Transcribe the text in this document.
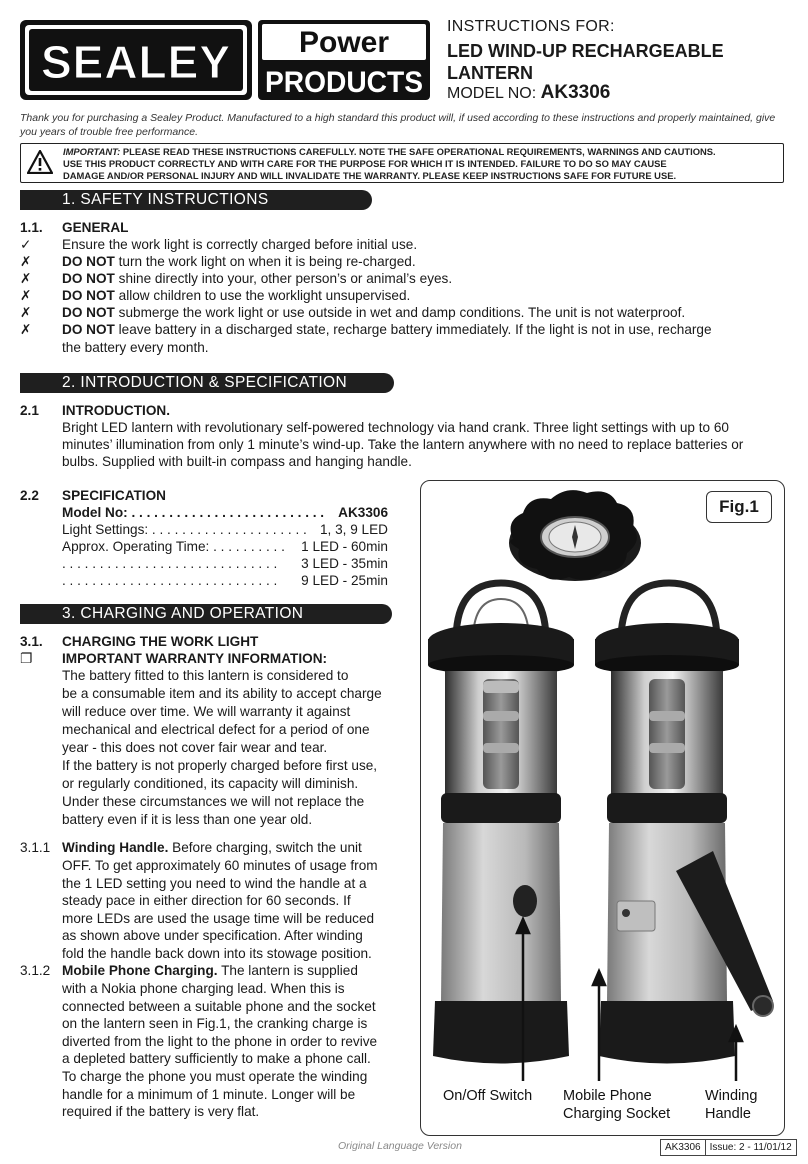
SEALEY Power
PRODUCTS
INSTRUCTIONS FOR:
LED WIND-UP RECHARGEABLE
LANTERN
MODEL NO: AK3306
Thank you for purchasing a Sealey Product. Manufactured to a high standard this product will, if used according to these instructions and properly maintained, give you years of trouble free performance.
IMPORTANT: PLEASE READ THESE INSTRUCTIONS CAREFULLY. NOTE THE SAFE OPERATIONAL REQUIREMENTS, WARNINGS AND CAUTIONS.
USE THIS PRODUCT CORRECTLY AND WITH CARE FOR THE PURPOSE FOR WHICH IT IS INTENDED. FAILURE TO DO SO MAY CAUSE
DAMAGE AND/OR PERSONAL INJURY AND WILL INVALIDATE THE WARRANTY. PLEASE KEEP INSTRUCTIONS SAFE FOR FUTURE USE.
1. SAFETY INSTRUCTIONS
1.1. GENERAL
✓ Ensure the work light is correctly charged before initial use.
✗ DO NOT turn the work light on when it is being re-charged.
✗ DO NOT shine directly into your, other person’s or animal’s eyes.
✗ DO NOT allow children to use the worklight unsupervised.
✗ DO NOT submerge the work light or use outside in wet and damp conditions. The unit is not waterproof.
✗ DO NOT leave battery in a discharged state, recharge battery immediately. If the light is not in use, recharge
the battery every month.
2. INTRODUCTION & SPECIFICATION
2.1 INTRODUCTION.
Bright LED lantern with revolutionary self-powered technology via hand crank. Three light settings with up to 60
minutes’ illumination from only 1 minute’s wind-up. Take the lantern anywhere with no need to replace batteries or
bulbs. Supplied with built-in compass and hanging handle.
2.2 SPECIFICATION
Model No: . . . . . . . . . . . . . . . . . . . . . . . . . . AK3306
Light Settings: . . . . . . . . . . . . . . . . . . . . . 1, 3, 9 LED
Approx. Operating Time: . . . . . . . . . . 1 LED - 60min
. . . . . . . . . . . . . . . . . . . . . . . . . . . . . 3 LED - 35min
. . . . . . . . . . . . . . . . . . . . . . . . . . . . . 9 LED - 25min
3. CHARGING AND OPERATION
3.1. CHARGING THE WORK LIGHT
❐ IMPORTANT WARRANTY INFORMATION:
The battery fitted to this lantern is considered to
be a consumable item and its ability to accept charge
will reduce over time. We will warranty it against
mechanical and electrical defect for a period of one
year - this does not cover fair wear and tear.
If the battery is not properly charged before first use,
or regularly conditioned, its capacity will diminish.
Under these circumstances we will not replace the
battery even if it is less than one year old.
3.1.1 Winding Handle. Before charging, switch the unit
OFF. To get approximately 60 minutes of usage from
the 1 LED setting you need to wind the handle at a
steady pace in either direction for 60 seconds. If
more LEDs are used the usage time will be reduced
as shown above under specification. After winding
fold the handle back down into its stowage position.
3.1.2 Mobile Phone Charging. The lantern is supplied
with a Nokia phone charging lead. When this is
connected between a suitable phone and the socket
on the lantern seen in Fig.1, the cranking charge is
diverted from the light to the phone in order to revive
a depleted battery sufficiently to make a phone call.
To charge the phone you must operate the winding
handle for a minimum of 1 minute. Longer will be
required if the battery is very flat.
Fig.1
On/Off Switch Mobile Phone
Charging Socket
Winding
Handle
Original Language Version	AK3306 Issue: 2 - 11/01/12
